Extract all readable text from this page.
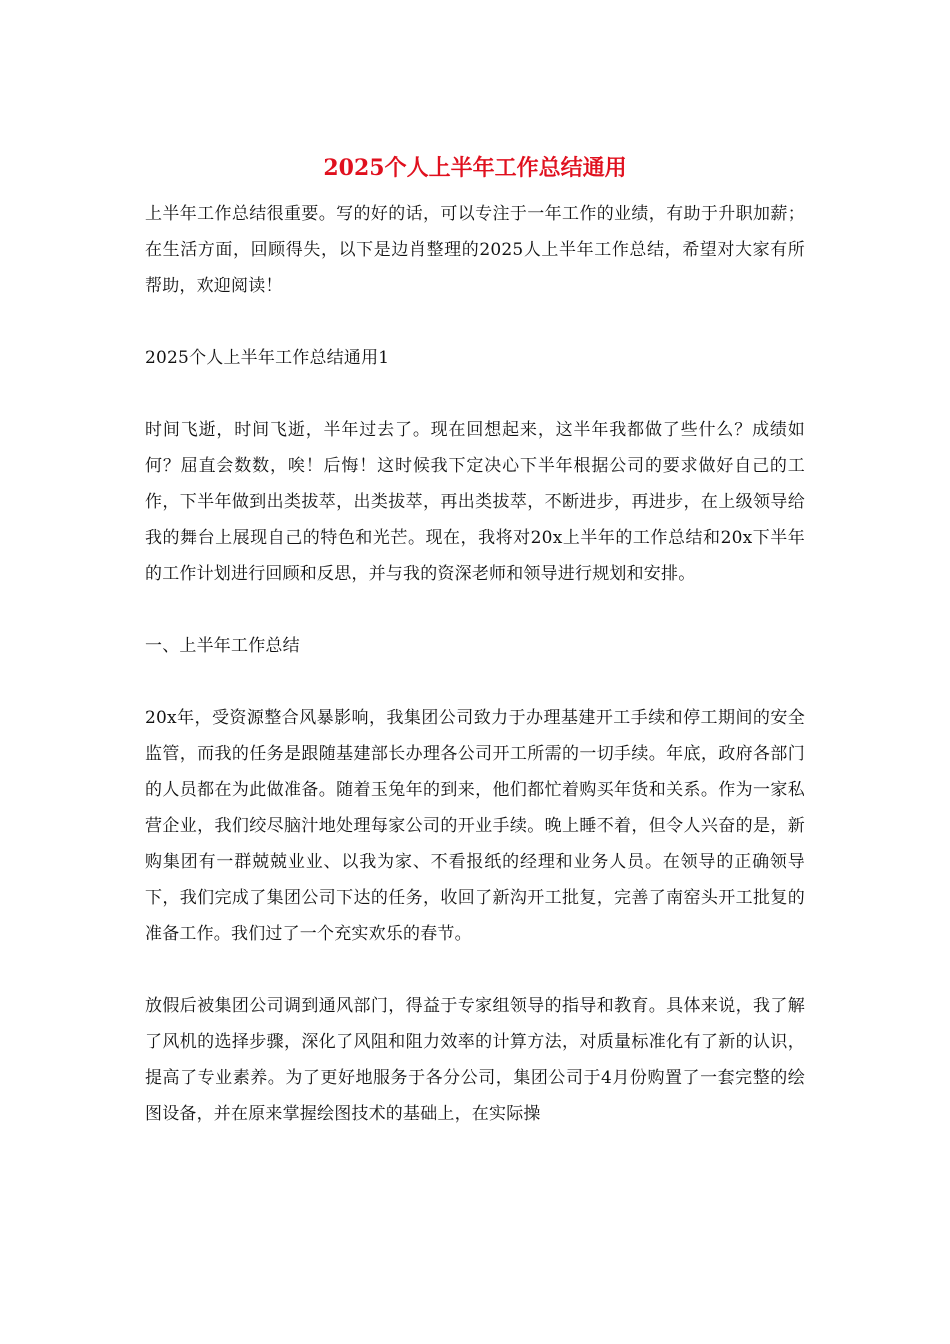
2025个人上半年工作总结通用

上半年工作总结很重要。写的好的话，可以专注于一年工作的业绩，有助于升职加薪；在生活方面，回顾得失，以下是边肖整理的2025人上半年工作总结，希望对大家有所帮助，欢迎阅读！

2025个人上半年工作总结通用1

时间飞逝，时间飞逝，半年过去了。现在回想起来，这半年我都做了些什么？成绩如何？屈直会数数，唉！后悔！这时候我下定决心下半年根据公司的要求做好自己的工作，下半年做到出类拔萃，出类拔萃，再出类拔萃，不断进步，再进步，在上级领导给我的舞台上展现自己的特色和光芒。现在，我将对20x上半年的工作总结和20x下半年的工作计划进行回顾和反思，并与我的资深老师和领导进行规划和安排。

一、上半年工作总结

20x年，受资源整合风暴影响，我集团公司致力于办理基建开工手续和停工期间的安全监管，而我的任务是跟随基建部长办理各公司开工所需的一切手续。年底，政府各部门的人员都在为此做准备。随着玉兔年的到来，他们都忙着购买年货和关系。作为一家私营企业，我们绞尽脑汁地处理每家公司的开业手续。晚上睡不着，但令人兴奋的是，新购集团有一群兢兢业业、以我为家、不看报纸的经理和业务人员。在领导的正确领导下，我们完成了集团公司下达的任务，收回了新沟开工批复，完善了南窑头开工批复的准备工作。我们过了一个充实欢乐的春节。

放假后被集团公司调到通风部门，得益于专家组领导的指导和教育。具体来说，我了解了风机的选择步骤，深化了风阻和阻力效率的计算方法，对质量标准化有了新的认识，提高了专业素养。为了更好地服务于各分公司，集团公司于4月份购置了一套完整的绘图设备，并在原来掌握绘图技术的基础上，在实际操
